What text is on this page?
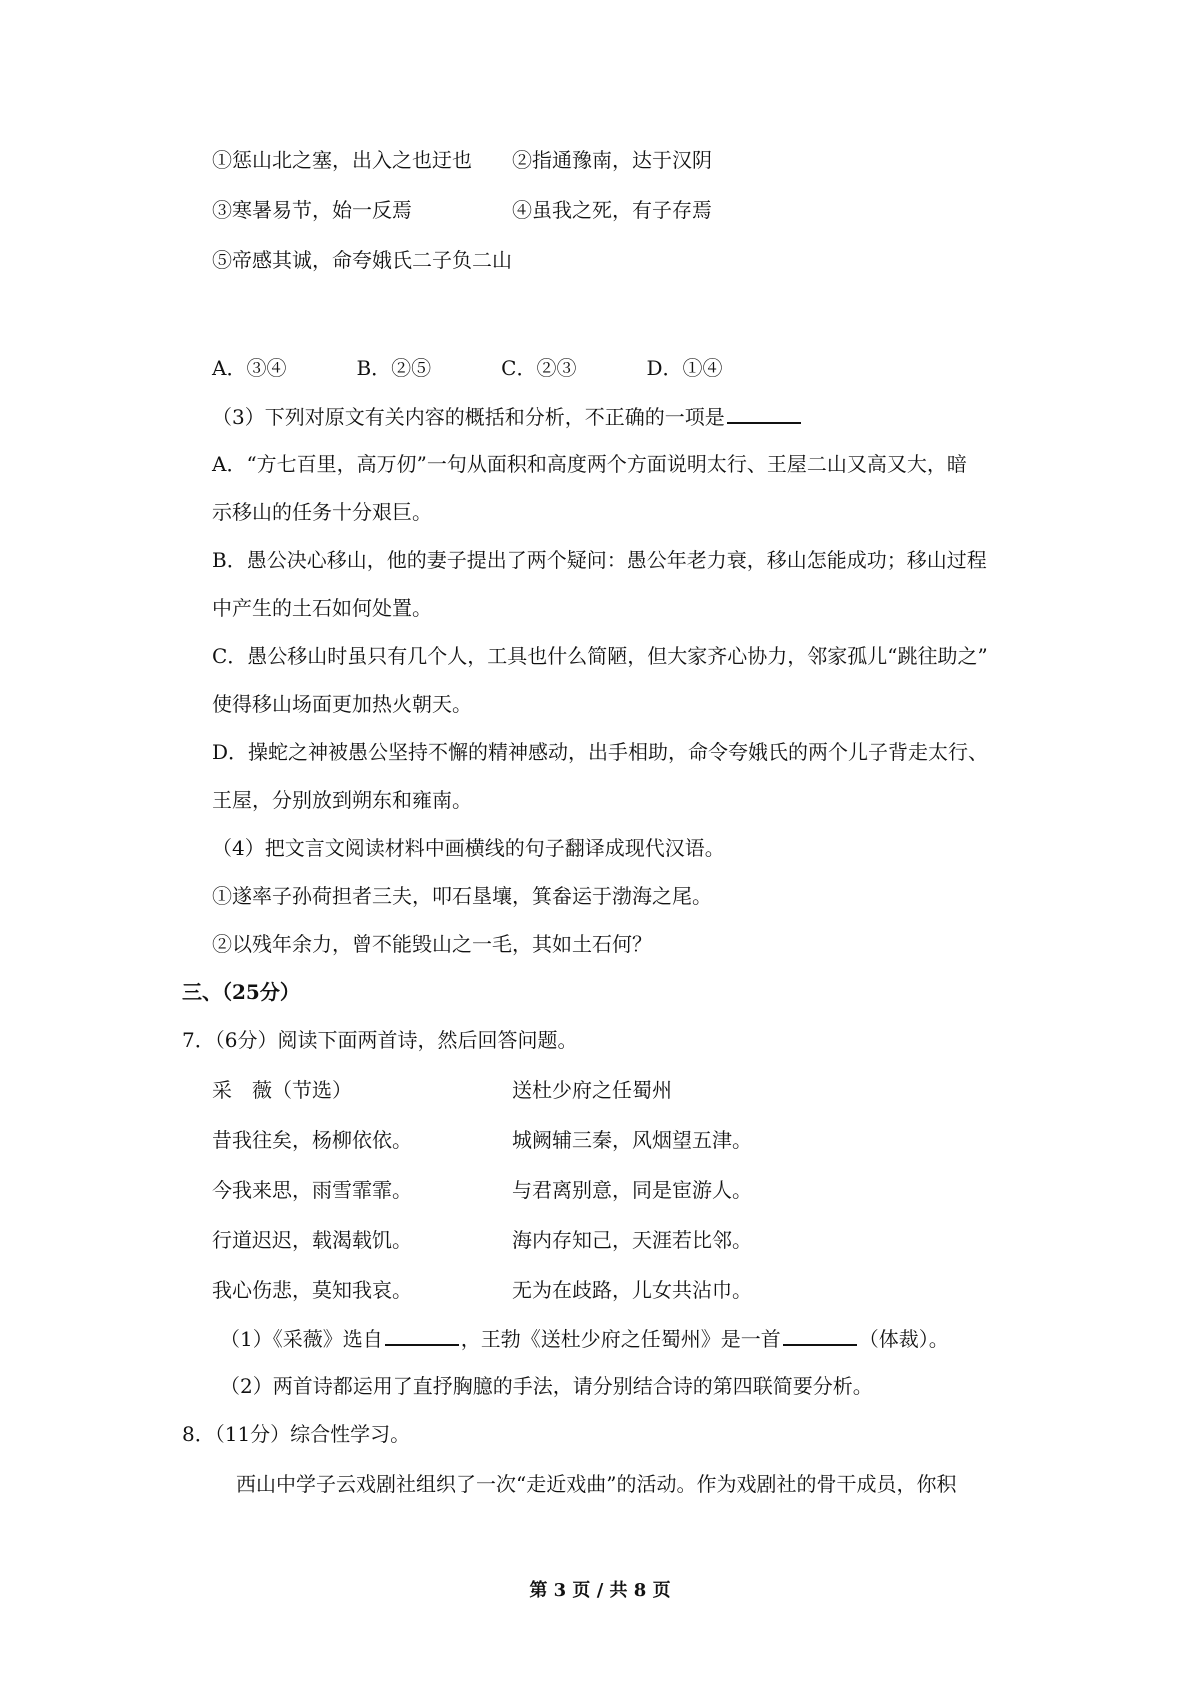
①惩山北之塞，出入之也迂也 ②指通豫南，达于汉阴
③寒暑易节，始一反焉	④虽我之死，有子存焉
⑤帝感其诚，命夸娥氏二子负二山
A．③④	B．②⑤	C．②③	D．①④
（3）下列对原文有关内容的概括和分析，不正确的一项是
A．“方七百里，高万仞”一句从面积和高度两个方面说明太行、王屋二山又高又大，暗
示移山的任务十分艰巨。
B．愚公决心移山，他的妻子提出了两个疑问：愚公年老力衰，移山怎能成功；移山过程
中产生的土石如何处置。
C．愚公移山时虽只有几个人，工具也什么简陋，但大家齐心协力，邻家孤儿“跳往助之”
使得移山场面更加热火朝天。
D．操蛇之神被愚公坚持不懈的精神感动，出手相助，命令夸娥氏的两个儿子背走太行、
王屋，分别放到朔东和雍南。
（4）把文言文阅读材料中画横线的句子翻译成现代汉语。
①遂率子孙荷担者三夫，叩石垦壤，箕畚运于渤海之尾。
②以残年余力，曾不能毁山之一毛，其如土石何？
三、（25分）
7．（6分）阅读下面两首诗，然后回答问题。
采　薇（节选）	送杜少府之任蜀州
昔我往矣，杨柳依依。	城阙辅三秦，风烟望五津。
今我来思，雨雪霏霏。	与君离别意，同是宦游人。
行道迟迟，载渴载饥。	海内存知己，天涯若比邻。
我心伤悲，莫知我哀。	无为在歧路，儿女共沾巾。
（1）《采薇》选自	，王勃《送杜少府之任蜀州》是一首	（体裁）。
（2）两首诗都运用了直抒胸臆的手法，请分别结合诗的第四联简要分析。
8．（11分）综合性学习。
西山中学子云戏剧社组织了一次“走近戏曲”的活动。作为戏剧社的骨干成员，你积
第 3 页 / 共 8 页
